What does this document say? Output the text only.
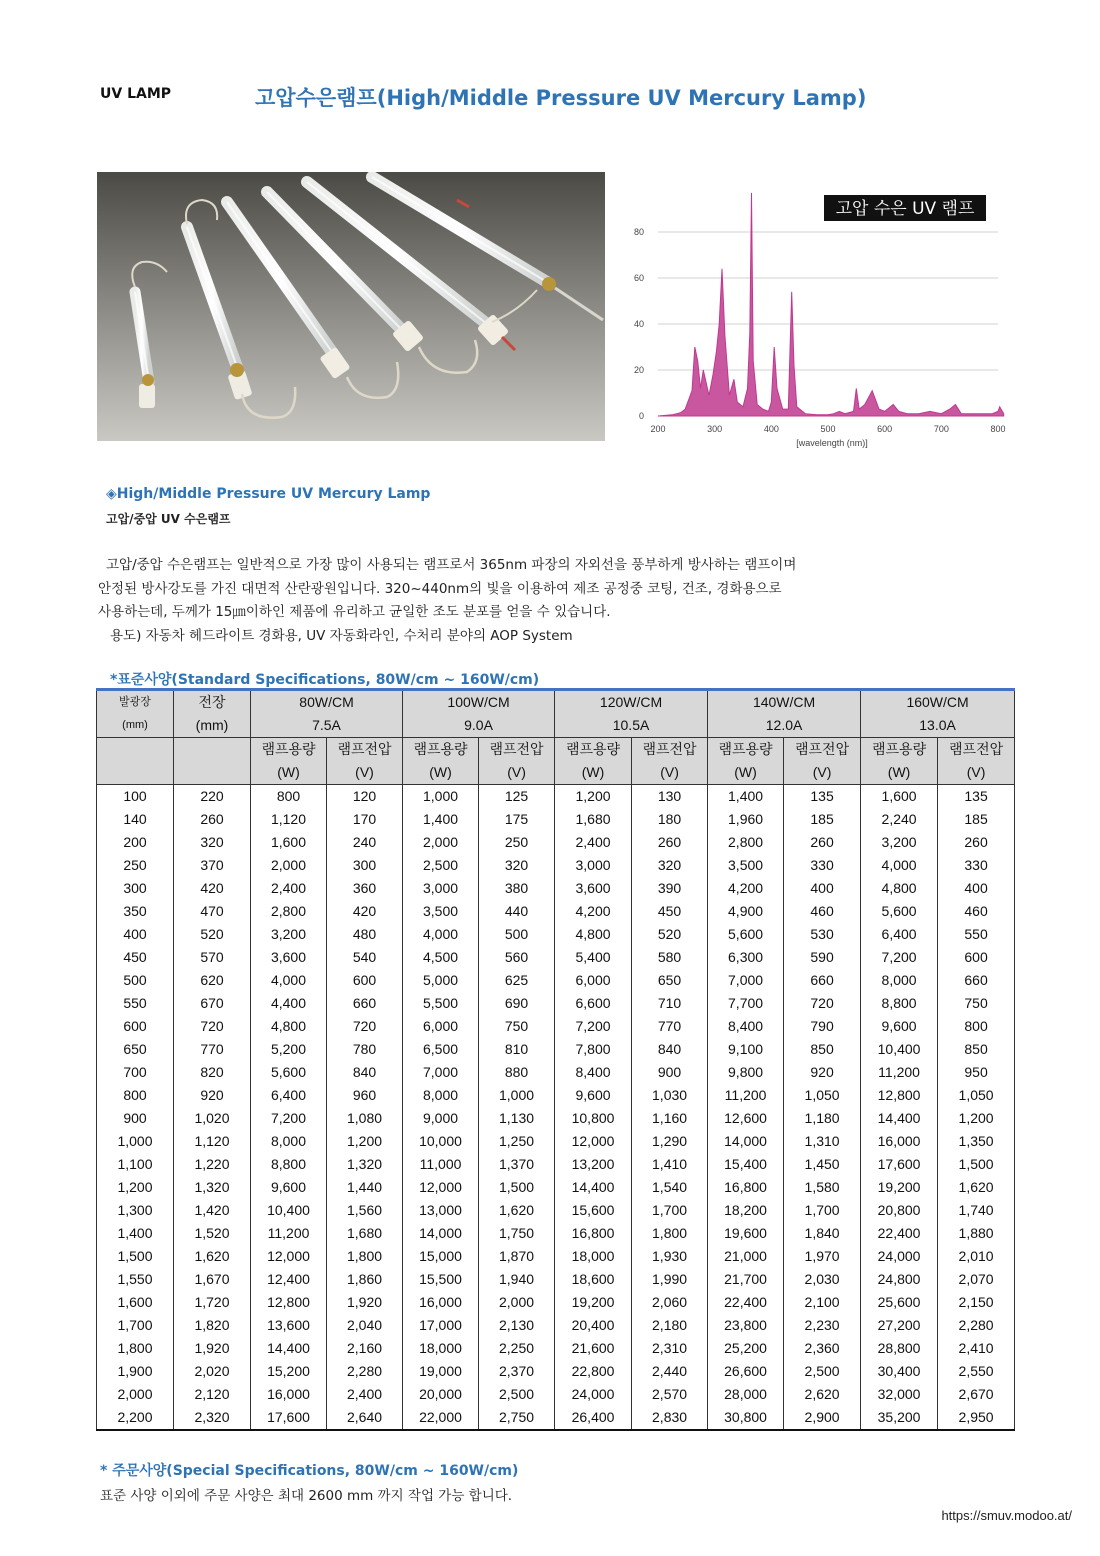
UV LAMP	고압수은램프(High/Middle Pressure UV Mercury Lamp)
0
20
40
60
80
200	300	400	500	600	700	800
고압 수은 UV 램프
[wavelength (nm)]
◈High/Middle Pressure UV Mercury Lamp
고압/중압 UV 수은램프
고압/중압 수은램프는 일반적으로 가장 많이 사용되는 램프로서 365nm 파장의 자외선을 풍부하게 방사하는 램프이며
안정된 방사강도를 가진 대면적 산란광원입니다. 320~440nm의 빛을 이용하여 제조 공정중 코팅, 건조, 경화용으로
사용하는데, 두께가 15㎛이하인 제품에 유리하고 균일한 조도 분포를 얻을 수 있습니다.
용도) 자동차 헤드라이트 경화용, UV 자동화라인, 수처리 분야의 AOP System
*표준사양(Standard Specifications, 80W/cm ~ 160W/cm)
발광장	전장	80W/CM		100W/CM		120W/CM		140W/CM		160W/CM	
(mm)	(mm)	7.5A		9.0A		10.5A		12.0A		13.0A	
		램프용량	램프전압	램프용량	램프전압	램프용량	램프전압	램프용량	램프전압	램프용량	램프전압
		(W)	(V)	(W)	(V)	(W)	(V)	(W)	(V)	(W)	(V)
100	220	800	120	1,000	125	1,200	130	1,400	135	1,600	135
140	260	1,120	170	1,400	175	1,680	180	1,960	185	2,240	185
200	320	1,600	240	2,000	250	2,400	260	2,800	260	3,200	260
250	370	2,000	300	2,500	320	3,000	320	3,500	330	4,000	330
300	420	2,400	360	3,000	380	3,600	390	4,200	400	4,800	400
350	470	2,800	420	3,500	440	4,200	450	4,900	460	5,600	460
400	520	3,200	480	4,000	500	4,800	520	5,600	530	6,400	550
450	570	3,600	540	4,500	560	5,400	580	6,300	590	7,200	600
500	620	4,000	600	5,000	625	6,000	650	7,000	660	8,000	660
550	670	4,400	660	5,500	690	6,600	710	7,700	720	8,800	750
600	720	4,800	720	6,000	750	7,200	770	8,400	790	9,600	800
650	770	5,200	780	6,500	810	7,800	840	9,100	850	10,400	850
700	820	5,600	840	7,000	880	8,400	900	9,800	920	11,200	950
800	920	6,400	960	8,000	1,000	9,600	1,030	11,200	1,050	12,800	1,050
900	1,020	7,200	1,080	9,000	1,130	10,800	1,160	12,600	1,180	14,400	1,200
1,000	1,120	8,000	1,200	10,000	1,250	12,000	1,290	14,000	1,310	16,000	1,350
1,100	1,220	8,800	1,320	11,000	1,370	13,200	1,410	15,400	1,450	17,600	1,500
1,200	1,320	9,600	1,440	12,000	1,500	14,400	1,540	16,800	1,580	19,200	1,620
1,300	1,420	10,400	1,560	13,000	1,620	15,600	1,700	18,200	1,700	20,800	1,740
1,400	1,520	11,200	1,680	14,000	1,750	16,800	1,800	19,600	1,840	22,400	1,880
1,500	1,620	12,000	1,800	15,000	1,870	18,000	1,930	21,000	1,970	24,000	2,010
1,550	1,670	12,400	1,860	15,500	1,940	18,600	1,990	21,700	2,030	24,800	2,070
1,600	1,720	12,800	1,920	16,000	2,000	19,200	2,060	22,400	2,100	25,600	2,150
1,700	1,820	13,600	2,040	17,000	2,130	20,400	2,180	23,800	2,230	27,200	2,280
1,800	1,920	14,400	2,160	18,000	2,250	21,600	2,310	25,200	2,360	28,800	2,410
1,900	2,020	15,200	2,280	19,000	2,370	22,800	2,440	26,600	2,500	30,400	2,550
2,000	2,120	16,000	2,400	20,000	2,500	24,000	2,570	28,000	2,620	32,000	2,670
2,200	2,320	17,600	2,640	22,000	2,750	26,400	2,830	30,800	2,900	35,200	2,950
* 주문사양(Special Specifications, 80W/cm ~ 160W/cm)
표준 사양 이외에 주문 사양은 최대 2600 mm 까지 작업 가능 합니다.
https://smuv.modoo.at/
